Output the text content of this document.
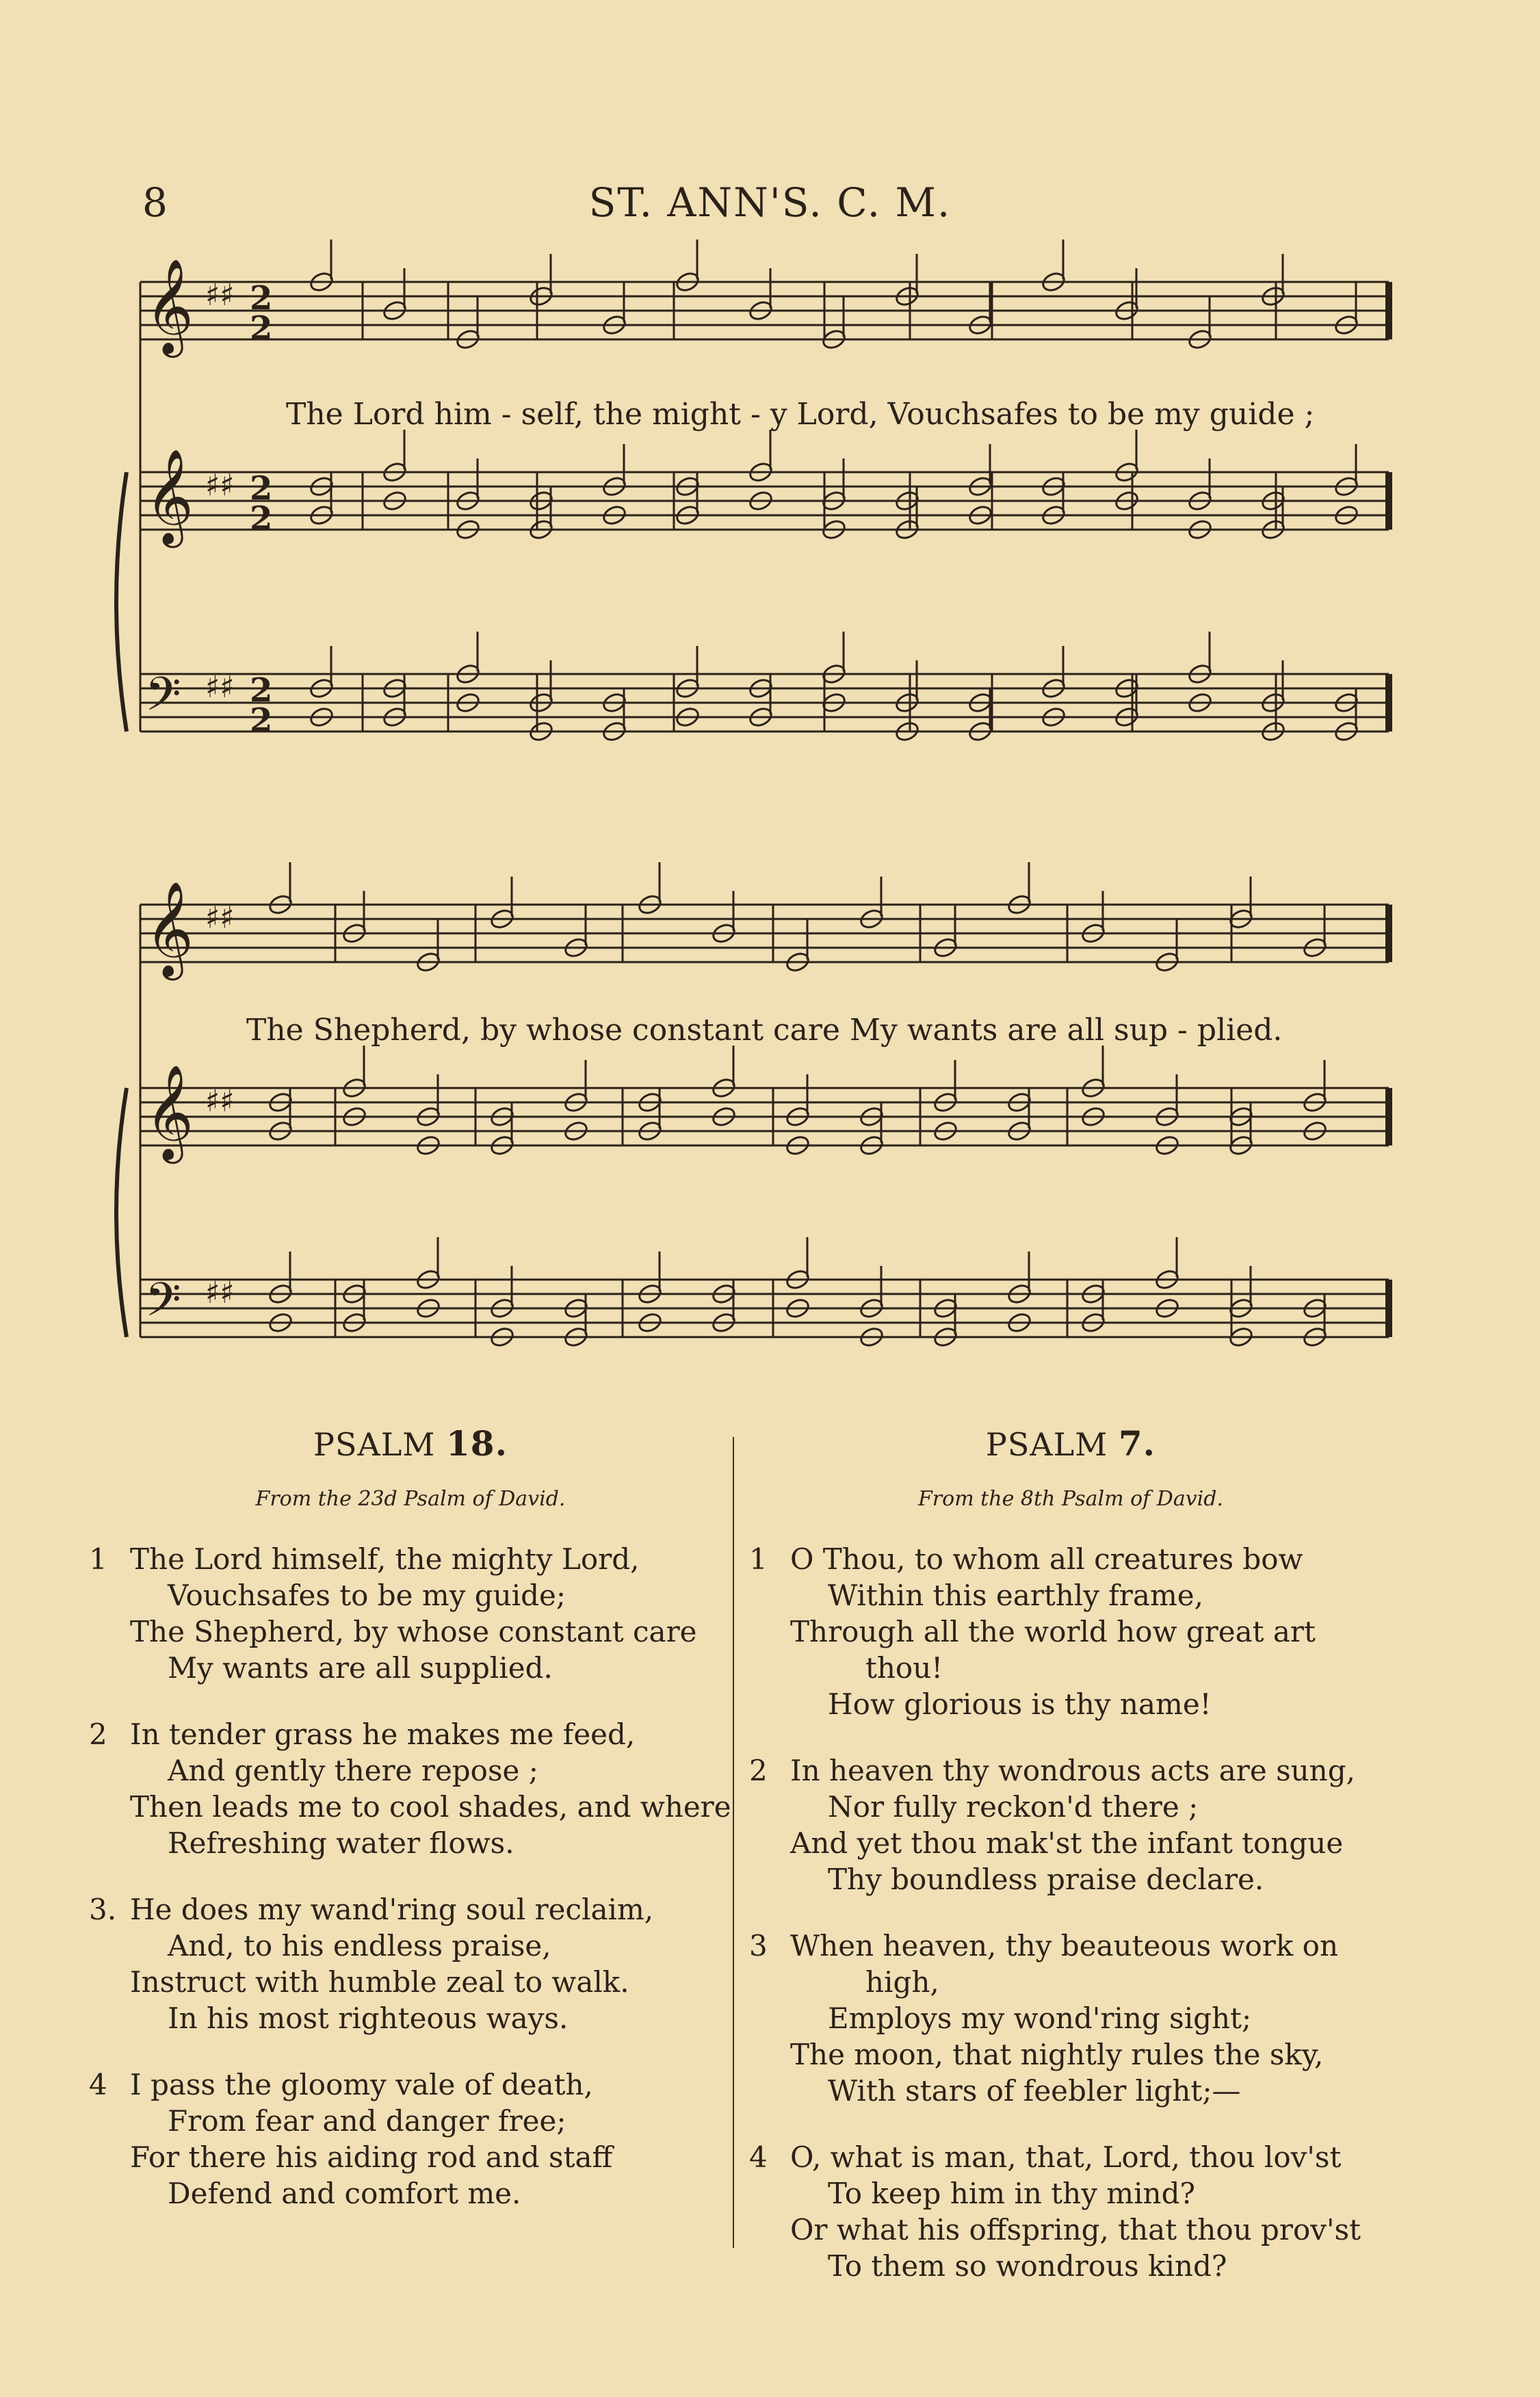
8	ST. ANN'S. C. M.
𝄞 ♯♯ 2
2
𝄞 ♯♯ 2
2
𝄢 ♯♯ 2
2
𝄞 ♯♯
𝄞 ♯♯
𝄢 ♯♯
The Lord him - self, the might - y Lord, Vouchsafes to be my guide ;
The Shepherd, by whose constant care My wants are all sup - plied.
PSALM 18.
From the 23d Psalm of David.
1 The Lord himself, the mighty Lord,
Vouchsafes to be my guide;
The Shepherd, by whose constant care
My wants are all supplied.
2 In tender grass he makes me feed,
And gently there repose ;
Then leads me to cool shades, and where
Refreshing water flows.
3. He does my wand'ring soul reclaim,
And, to his endless praise,
Instruct with humble zeal to walk.
In his most righteous ways.
4 I pass the gloomy vale of death,
From fear and danger free;
For there his aiding rod and staff
Defend and comfort me.
PSALM 7.
From the 8th Psalm of David.
1 O Thou, to whom all creatures bow
Within this earthly frame,
Through all the world how great art
thou!
How glorious is thy name!
2 In heaven thy wondrous acts are sung,
Nor fully reckon'd there ;
And yet thou mak'st the infant tongue
Thy boundless praise declare.
3 When heaven, thy beauteous work on
high,
Employs my wond'ring sight;
The moon, that nightly rules the sky,
With stars of feebler light;—
4 O, what is man, that, Lord, thou lov'st
To keep him in thy mind?
Or what his offspring, that thou prov'st
To them so wondrous kind?
